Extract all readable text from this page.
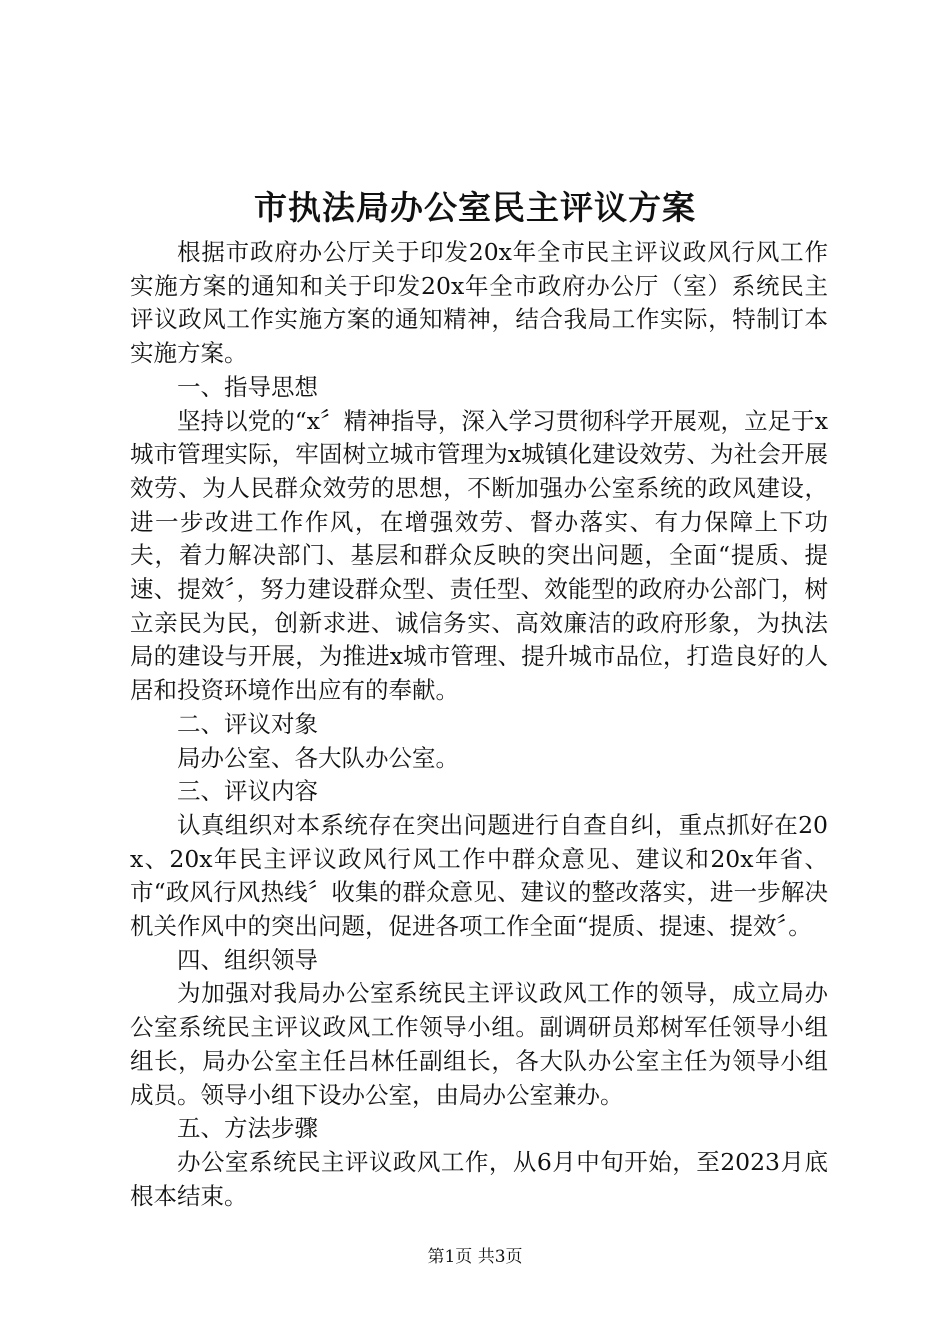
市执法局办公室民主评议方案

根据市政府办公厅关于印发20x年全市民主评议政风行风工作实施方案的通知和关于印发20x年全市政府办公厅（室）系统民主评议政风工作实施方案的通知精神，结合我局工作实际，特制订本实施方案。

一、指导思想

坚持以党的“x〞精神指导，深入学习贯彻科学开展观，立足于x城市管理实际，牢固树立城市管理为x城镇化建设效劳、为社会开展效劳、为人民群众效劳的思想，不断加强办公室系统的政风建设，进一步改进工作作风，在增强效劳、督办落实、有力保障上下功夫，着力解决部门、基层和群众反映的突出问题，全面“提质、提速、提效〞，努力建设群众型、责任型、效能型的政府办公部门，树立亲民为民，创新求进、诚信务实、高效廉洁的政府形象，为执法局的建设与开展，为推进x城市管理、提升城市品位，打造良好的人居和投资环境作出应有的奉献。

二、评议对象

局办公室、各大队办公室。

三、评议内容

认真组织对本系统存在突出问题进行自查自纠，重点抓好在20x、20x年民主评议政风行风工作中群众意见、建议和20x年省、市“政风行风热线〞收集的群众意见、建议的整改落实，进一步解决机关作风中的突出问题，促进各项工作全面“提质、提速、提效〞。

四、组织领导

为加强对我局办公室系统民主评议政风工作的领导，成立局办公室系统民主评议政风工作领导小组。副调研员郑树军任领导小组组长，局办公室主任吕林任副组长，各大队办公室主任为领导小组成员。领导小组下设办公室，由局办公室兼办。

五、方法步骤

办公室系统民主评议政风工作，从6月中旬开始，至2023月底根本结束。

第1页 共3页
